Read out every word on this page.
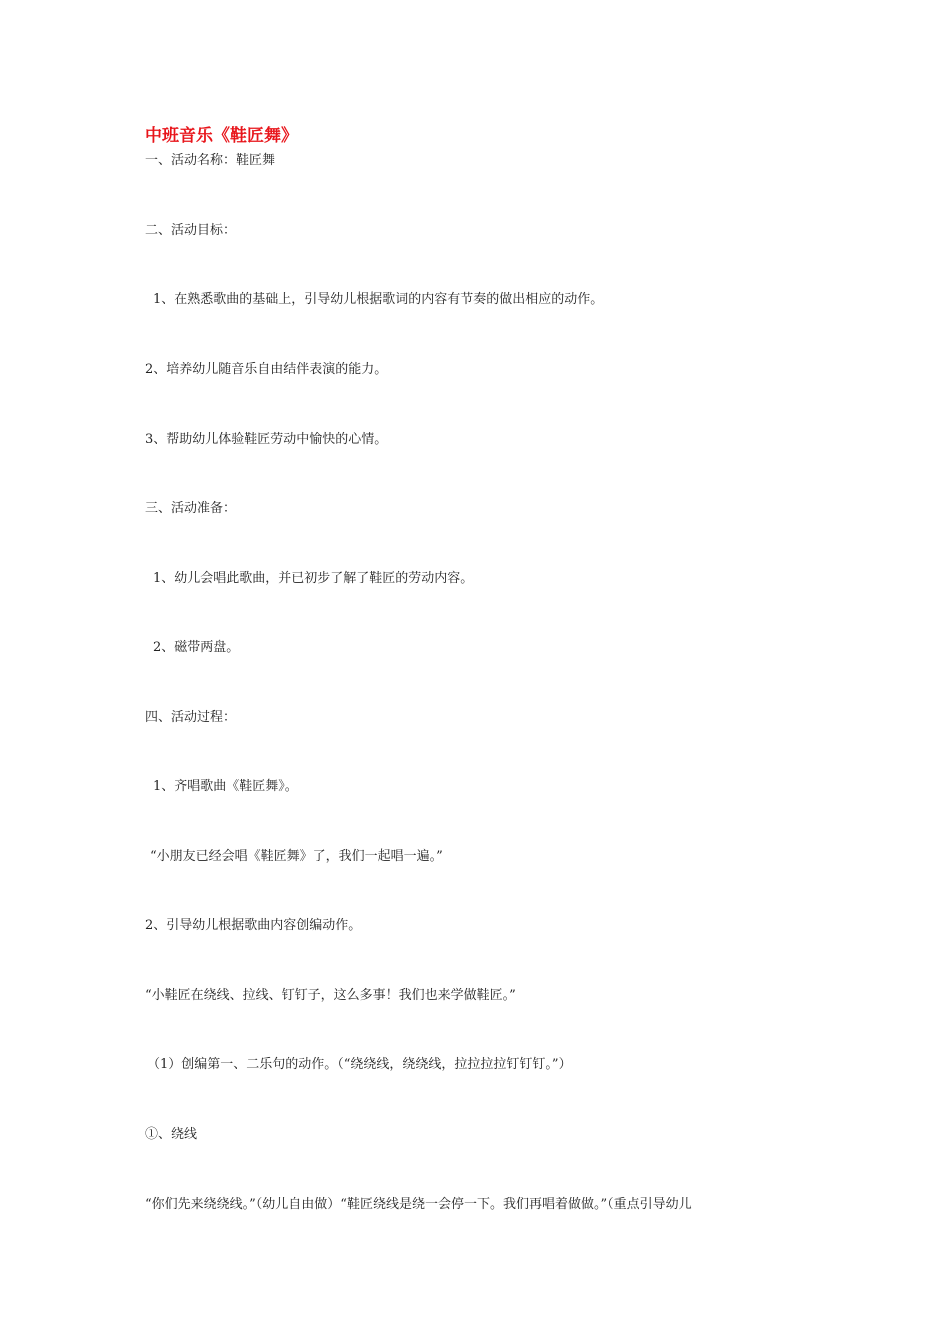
中班音乐《鞋匠舞》
一、活动名称：鞋匠舞
二、活动目标：
1、在熟悉歌曲的基础上，引导幼儿根据歌词的内容有节奏的做出相应的动作。
2、培养幼儿随音乐自由结伴表演的能力。
3、帮助幼儿体验鞋匠劳动中愉快的心情。
三、活动准备：
1、幼儿会唱此歌曲，并已初步了解了鞋匠的劳动内容。
2、磁带两盘。
四、活动过程：
1、齐唱歌曲《鞋匠舞》。
“小朋友已经会唱《鞋匠舞》了，我们一起唱一遍。”
2、引导幼儿根据歌曲内容创编动作。
“小鞋匠在绕线、拉线、钉钉子，这么多事！我们也来学做鞋匠。”
（1）创编第一、二乐句的动作。（“绕绕线，绕绕线，拉拉拉拉钉钉钉。”）
①、绕线
“你们先来绕绕线。”（幼儿自由做）“鞋匠绕线是绕一会停一下。我们再唱着做做。”（重点引导幼儿
